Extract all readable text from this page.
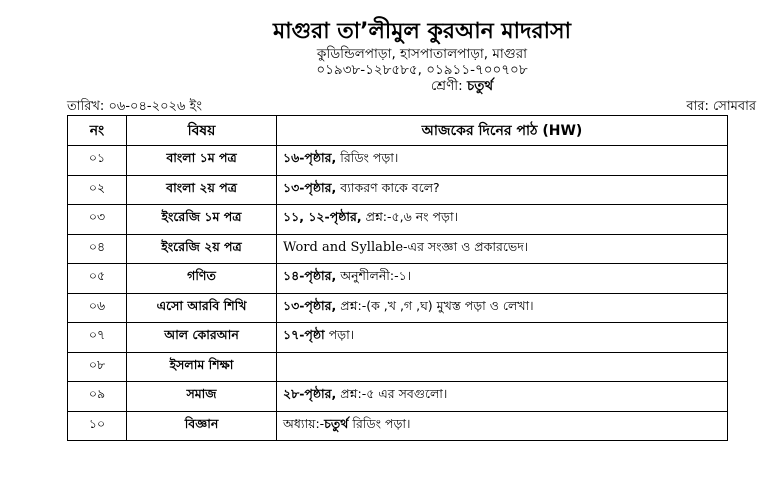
মাগুরা তা’লীমুল কুরআন মাদরাসা
কুডিন্ডিলপাড়া, হাসপাতালপাড়া, মাগুরা
০১৯৩৮-১২৮৫৮৫, ০১৯১১-৭০০৭০৮
শ্রেণী: চতুর্থ
তারিখ: ০৬-০৪-২০২৬ ইং	বার: সোমবার
নং	বিষয়	আজকের দিনের পাঠ (HW)
০১	বাংলা ১ম পত্র	১৬-পৃষ্ঠার, রিডিং পড়া।
০২	বাংলা ২য় পত্র	১৩-পৃষ্ঠার, ব্যাকরণ কাকে বলে?
০৩	ইংরেজি ১ম পত্র	১১, ১২-পৃষ্ঠার, প্রশ্ন:-৫,৬ নং পড়া।
০৪	ইংরেজি ২য় পত্র	Word and Syllable-এর সংজ্ঞা ও প্রকারভেদ।
০৫	গণিত	১৪-পৃষ্ঠার, অনুশীলনী:-১।
০৬	এসো আরবি শিখি	১৩-পৃষ্ঠার, প্রশ্ন:-(ক ,খ ,গ ,ঘ) মুখস্ত পড়া ও লেখা।
০৭	আল কোরআন	১৭-পৃষ্ঠা পড়া।
০৮	ইসলাম শিক্ষা	
০৯	সমাজ	২৮-পৃষ্ঠার, প্রশ্ন:-৫ এর সবগুলো।
১০	বিজ্ঞান	অধ্যায়:-চতুর্থ রিডিং পড়া।
